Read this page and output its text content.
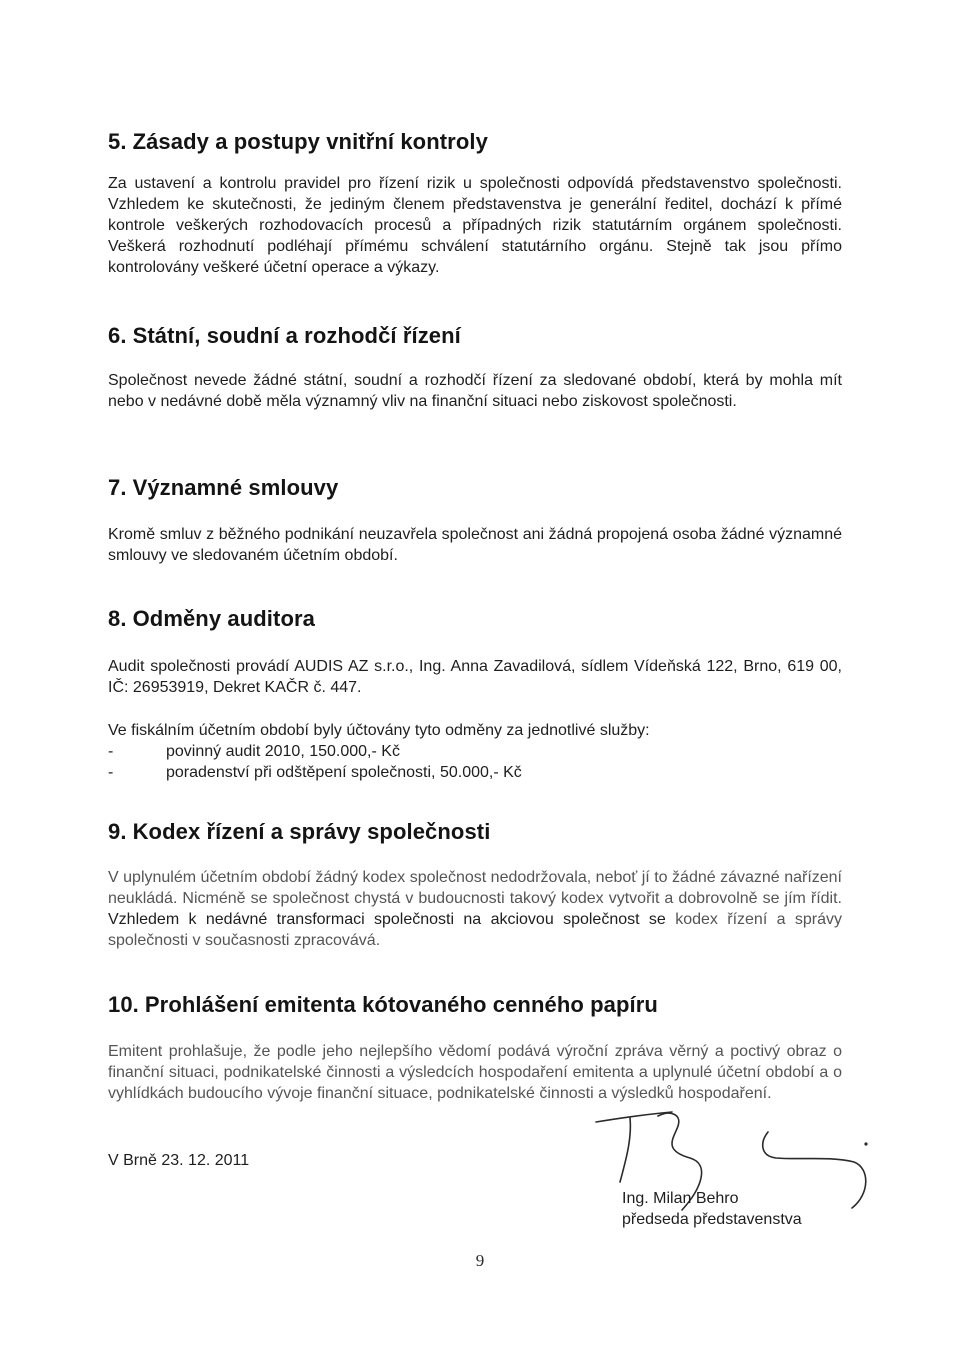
5. Zásady a postupy vnitřní kontroly

Za ustavení a kontrolu pravidel pro řízení rizik u společnosti odpovídá představenstvo společnosti. Vzhledem ke skutečnosti, že jediným členem představenstva je generální ředitel, dochází k přímé kontrole veškerých rozhodovacích procesů a případných rizik statutárním orgánem společnosti. Veškerá rozhodnutí podléhají přímému schválení statutárního orgánu. Stejně tak jsou přímo kontrolovány veškeré účetní operace a výkazy.

6. Státní, soudní a rozhodčí řízení

Společnost nevede žádné státní, soudní a rozhodčí řízení za sledované období, která by mohla mít nebo v nedávné době měla významný vliv na finanční situaci nebo ziskovost společnosti.

7. Významné smlouvy

Kromě smluv z běžného podnikání neuzavřela společnost ani žádná propojená osoba žádné významné smlouvy ve sledovaném účetním období.

8. Odměny auditora

Audit společnosti provádí AUDIS AZ s.r.o., Ing. Anna Zavadilová, sídlem Vídeňská 122, Brno, 619 00, IČ: 26953919, Dekret KAČR č. 447.

Ve fiskálním účetním období byly účtovány tyto odměny za jednotlivé služby:

- povinný audit 2010, 150.000,- Kč
- poradenství při odštěpení společnosti, 50.000,- Kč
9. Kodex řízení a správy společnosti

V uplynulém účetním období žádný kodex společnost nedodržovala, neboť jí to žádné závazné nařízení neukládá. Nicméně se společnost chystá v budoucnosti takový kodex vytvořit a dobrovolně se jím řídit. Vzhledem k nedávné transformaci společnosti na akciovou společnost se kodex řízení a správy společnosti v současnosti zpracovává.

10. Prohlášení emitenta kótovaného cenného papíru

Emitent prohlašuje, že podle jeho nejlepšího vědomí podává výroční zpráva věrný a poctivý obraz o finanční situaci, podnikatelské činnosti a výsledcích hospodaření emitenta a uplynulé účetní období a o vyhlídkách budoucího vývoje finanční situace, podnikatelské činnosti a výsledků hospodaření.

V Brně 23. 12. 2011
Ing. Milan Behro
předseda představenstva
9
